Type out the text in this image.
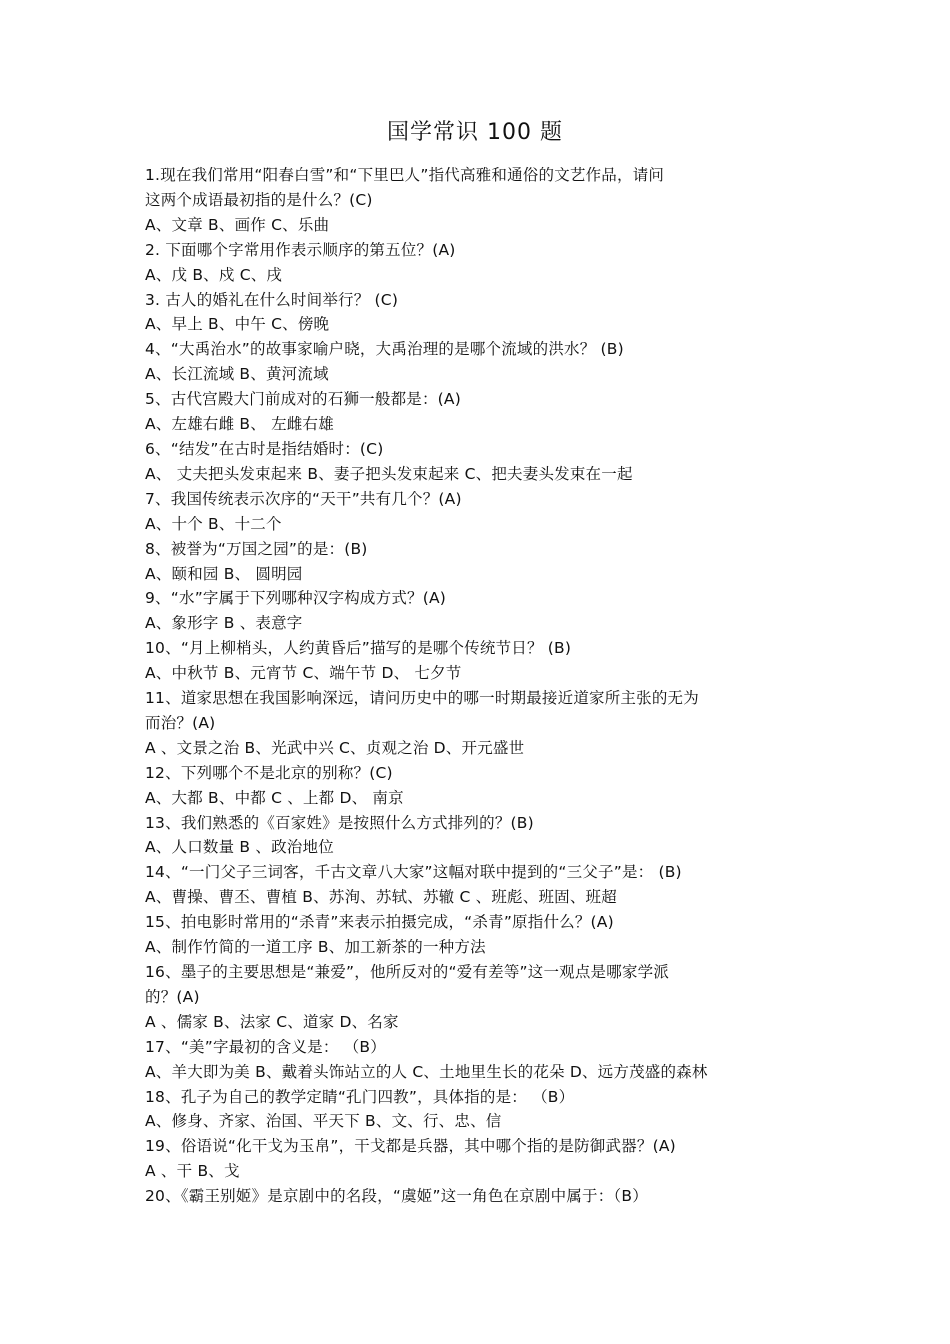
国学常识 100 题
1.现在我们常用“阳春白雪”和“下里巴人”指代高雅和通俗的文艺作品，请问
这两个成语最初指的是什么？(C)
A、文章 B、画作 C、乐曲
2. 下面哪个字常用作表示顺序的第五位？(A)
A、戊 B、戍 C、戌
3. 古人的婚礼在什么时间举行？ (C)
A、早上 B、中午 C、傍晚
4、“大禹治水”的故事家喻户晓，大禹治理的是哪个流域的洪水？ (B)
A、长江流域 B、黄河流域
5、古代宫殿大门前成对的石狮一般都是：(A)
A、左雄右雌 B、 左雌右雄
6、“结发”在古时是指结婚时：(C)
A、 丈夫把头发束起来 B、妻子把头发束起来 C、把夫妻头发束在一起
7、我国传统表示次序的“天干”共有几个？(A)
A、十个 B、十二个
8、被誉为“万国之园”的是：(B)
A、颐和园 B、 圆明园
9、“水”字属于下列哪种汉字构成方式？(A)
A、象形字 B 、表意字
10、“月上柳梢头，人约黄昏后”描写的是哪个传统节日？ (B)
A、中秋节 B、元宵节 C、端午节 D、 七夕节
11、道家思想在我国影响深远，请问历史中的哪一时期最接近道家所主张的无为
而治？(A)
A 、文景之治 B、光武中兴 C、贞观之治 D、开元盛世
12、下列哪个不是北京的别称？(C)
A、大都 B、中都 C 、上都 D、 南京
13、我们熟悉的《百家姓》是按照什么方式排列的？(B)
A、人口数量 B 、政治地位
14、“一门父子三词客，千古文章八大家”这幅对联中提到的“三父子”是： (B)
A、曹操、曹丕、曹植 B、苏洵、苏轼、苏辙 C 、班彪、班固、班超
15、拍电影时常用的“杀青”来表示拍摄完成，“杀青”原指什么？(A)
A、制作竹简的一道工序 B、加工新茶的一种方法
16、墨子的主要思想是“兼爱”，他所反对的“爱有差等”这一观点是哪家学派
的？(A)
A 、儒家 B、法家 C、道家 D、名家
17、“美”字最初的含义是： （B）
A、羊大即为美 B、戴着头饰站立的人 C、土地里生长的花朵 D、远方茂盛的森林
18、孔子为自己的教学定睛“孔门四教”，具体指的是： （B）
A、修身、齐家、治国、平天下 B、文、行、忠、信
19、俗语说“化干戈为玉帛”，干戈都是兵器，其中哪个指的是防御武器？(A)
A 、干 B、戈
20、《霸王别姬》是京剧中的名段，“虞姬”这一角色在京剧中属于：（B）
